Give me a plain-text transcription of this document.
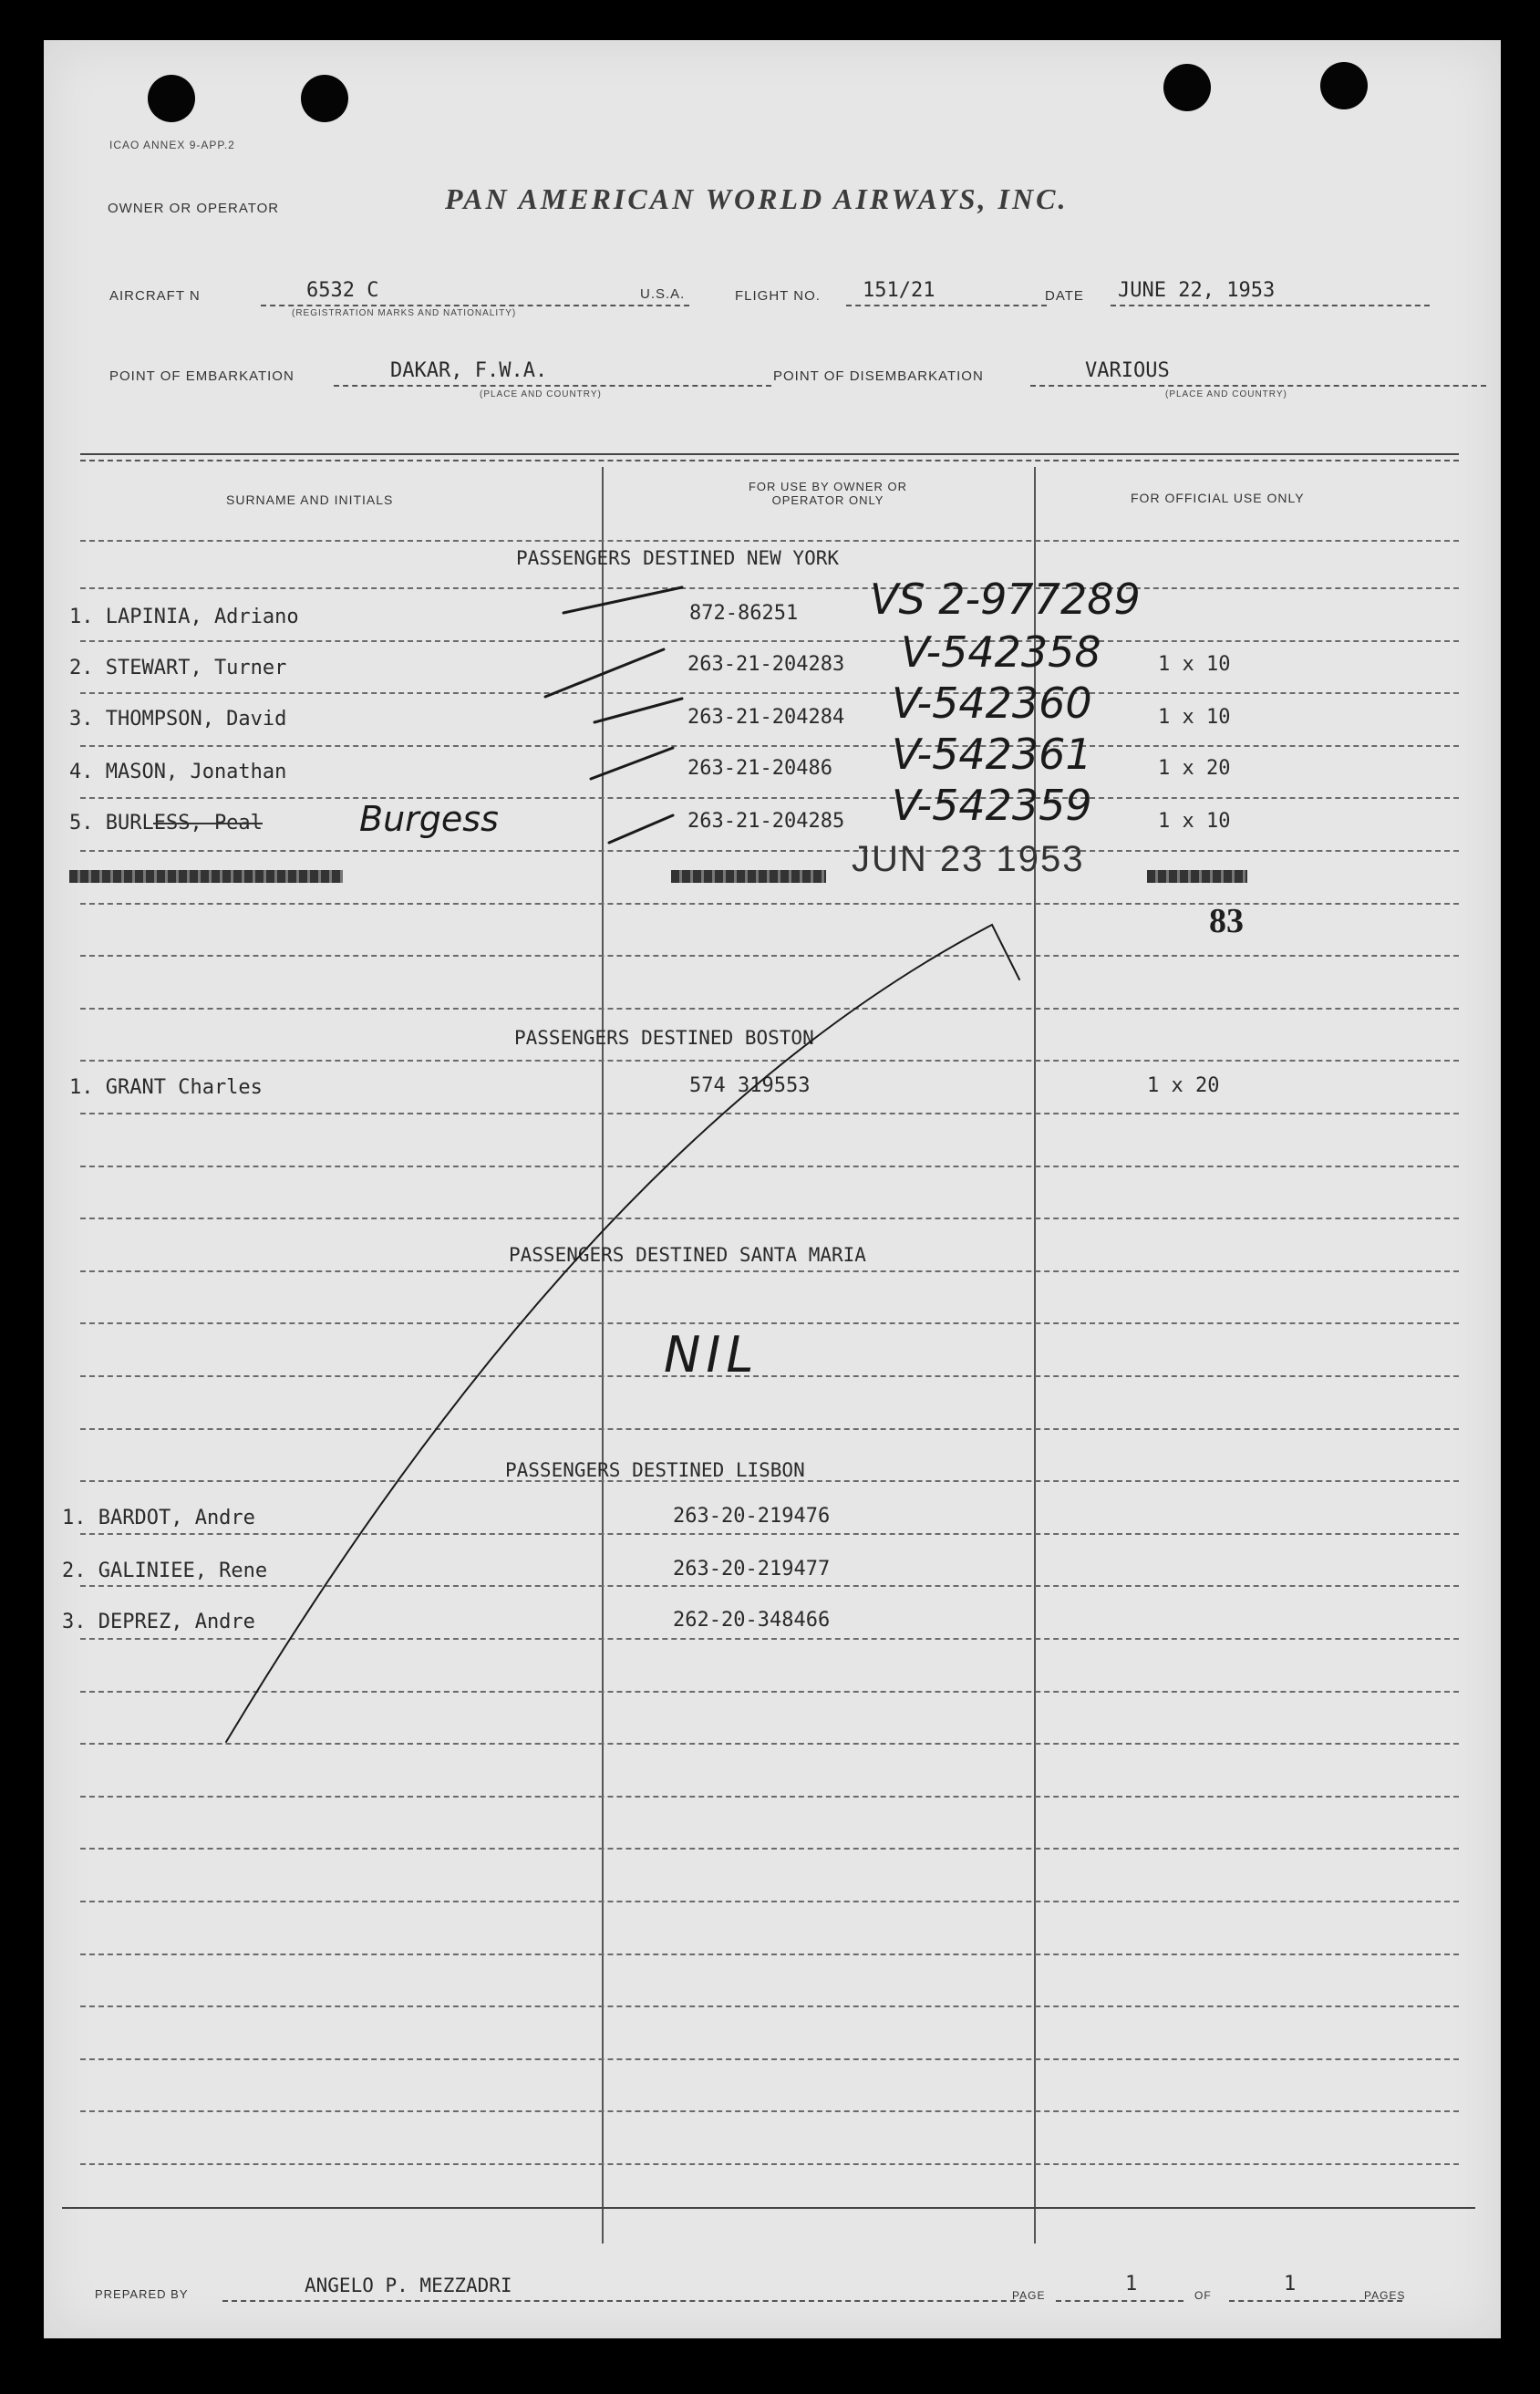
ICAO ANNEX 9-APP.2
OWNER OR OPERATOR	PAN AMERICAN WORLD AIRWAYS, INC.
AIRCRAFT N	6532 C
(REGISTRATION MARKS AND NATIONALITY)
U.S.A.	FLIGHT NO. 151/21	DATE JUNE 22, 1953
POINT OF EMBARKATION	DAKAR, F.W.A.
(PLACE AND COUNTRY)
POINT OF DISEMBARKATION	VARIOUS
(PLACE AND COUNTRY)
SURNAME AND INITIALS
FOR USE BY OWNER OR OPERATOR ONLY	FOR OFFICIAL USE ONLY
PASSENGERS DESTINED NEW YORK
1. LAPINIA, Adriano	872-86251 VS 2-977289
2. STEWART, Turner	263-21-204283 V-542358	1 x 10
3. THOMPSON, David	263-21-204284 V-542360	1 x 10
4. MASON, Jonathan	263-21-20486 V-542361	1 x 20
5. BURLESS, Peal	Burgess	263-21-204285 V-542359	1 x 10
JUN 23 1953
83
PASSENGERS DESTINED BOSTON
1. GRANT Charles	574 319553	1 x 20
PASSENGERS DESTINED SANTA MARIA
NIL
PASSENGERS DESTINED LISBON
1. BARDOT, Andre	263-20-219476
2. GALINIEE, Rene	263-20-219477
3. DEPREZ, Andre	262-20-348466
PREPARED BY	ANGELO P. MEZZADRI	PAGE	1	OF	1	PAGES
